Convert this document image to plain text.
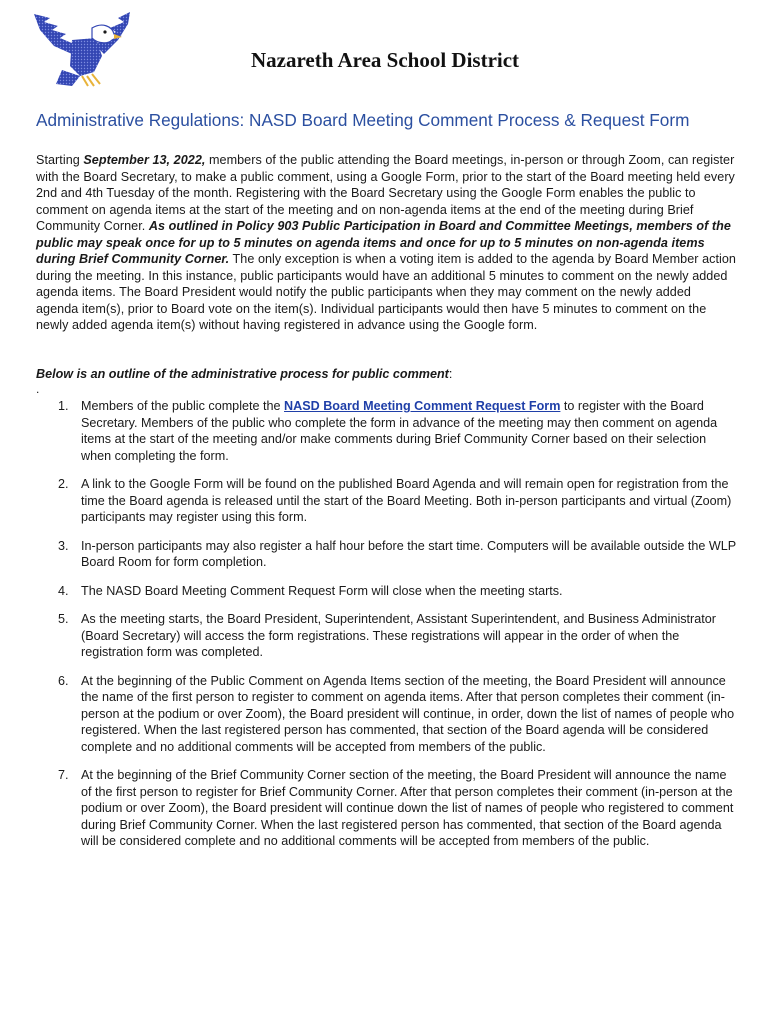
Nazareth Area School District
Administrative Regulations: NASD Board Meeting Comment Process & Request Form

Starting September 13, 2022, members of the public attending the Board meetings, in-person or through Zoom, can register with the Board Secretary, to make a public comment, using a Google Form, prior to the start of the Board meeting held every 2nd and 4th Tuesday of the month. Registering with the Board Secretary using the Google Form enables the public to comment on agenda items at the start of the meeting and on non-agenda items at the end of the meeting during Brief Community Corner. As outlined in Policy 903 Public Participation in Board and Committee Meetings, members of the public may speak once for up to 5 minutes on agenda items and once for up to 5 minutes on non-agenda items during Brief Community Corner. The only exception is when a voting item is added to the agenda by Board Member action during the meeting. In this instance, public participants would have an additional 5 minutes to comment on the newly added agenda items. The Board President would notify the public participants when they may comment on the newly added agenda item(s), prior to Board vote on the item(s). Individual participants would then have 5 minutes to comment on the newly added agenda item(s) without having registered in advance using the Google form.

Below is an outline of the administrative process for public comment:

.
1. Members of the public complete the NASD Board Meeting Comment Request Form to register with the Board Secretary. Members of the public who complete the form in advance of the meeting may then comment on agenda items at the start of the meeting and/or make comments during Brief Community Corner based on their selection when completing the form.
2. A link to the Google Form will be found on the published Board Agenda and will remain open for registration from the time the Board agenda is released until the start of the Board Meeting. Both in-person participants and virtual (Zoom) participants may register using this form.
3. In-person participants may also register a half hour before the start time. Computers will be available outside the WLP Board Room for form completion.
4. The NASD Board Meeting Comment Request Form will close when the meeting starts.
5. As the meeting starts, the Board President, Superintendent, Assistant Superintendent, and Business Administrator (Board Secretary) will access the form registrations. These registrations will appear in the order of when the registration form was completed.
6. At the beginning of the Public Comment on Agenda Items section of the meeting, the Board President will announce the name of the first person to register to comment on agenda items. After that person completes their comment (in-person at the podium or over Zoom), the Board president will continue, in order, down the list of names of people who registered. When the last registered person has commented, that section of the Board agenda will be considered complete and no additional comments will be accepted from members of the public.
7. At the beginning of the Brief Community Corner section of the meeting, the Board President will announce the name of the first person to register for Brief Community Corner. After that person completes their comment (in-person at the podium or over Zoom), the Board president will continue down the list of names of people who registered to comment during Brief Community Corner. When the last registered person has commented, that section of the Board agenda will be considered complete and no additional comments will be accepted from members of the public.
